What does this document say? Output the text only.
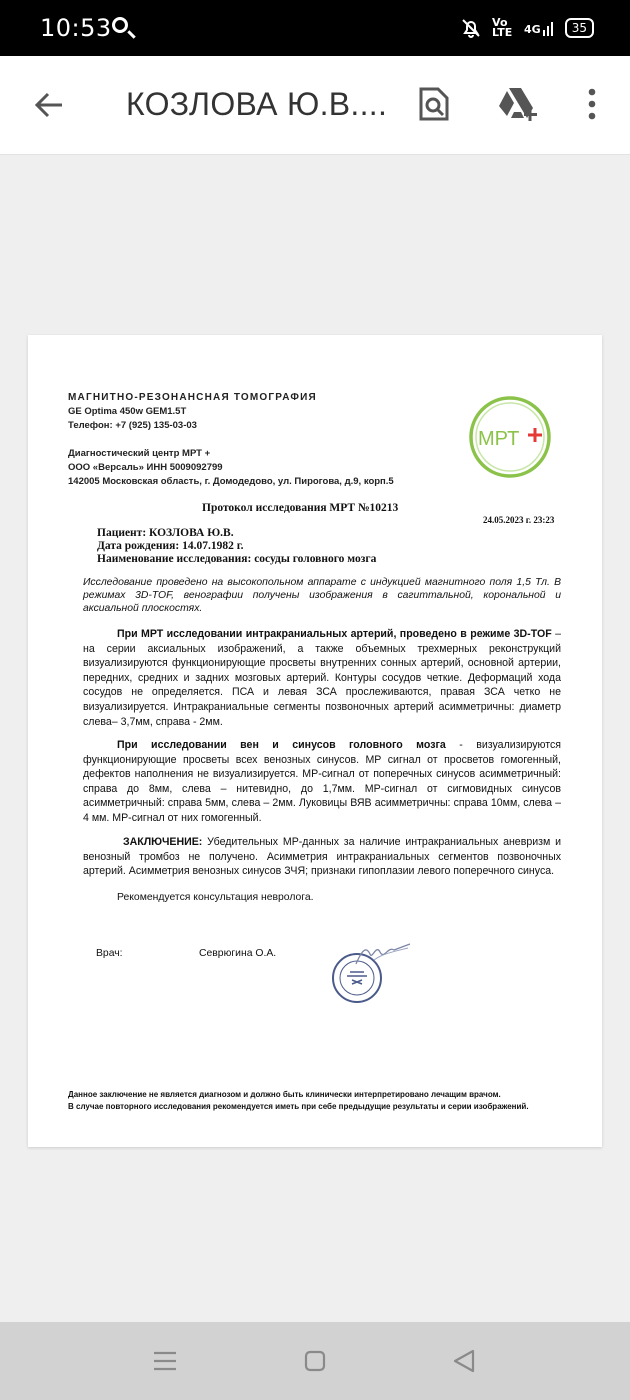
10:53	Vo LTE 4G	35
КОЗЛОВА Ю.В....
МАГНИТНО-РЕЗОНАНСНАЯ ТОМОГРАФИЯ
GE Optima 450w GEM1.5T
Телефон: +7 (925) 135-03-03
Диагностический центр МРТ +
ООО «Версаль» ИНН 5009092799
142005 Московская область, г. Домодедово, ул. Пирогова, д.9, корп.5
МРТ
Протокол исследования МРТ №10213
24.05.2023 г. 23:23
Пациент: КОЗЛОВА Ю.В.
Дата рождения: 14.07.1982 г.
Наименование исследования: сосуды головного мозга
Исследование проведено на высокопольном аппарате с индукцией магнитного поля 1,5 Тл. В режимах 3D-TOF, венографии получены изображения в сагиттальной, корональной и аксиальной плоскостях.
При МРТ исследовании интракраниальных артерий, проведено в режиме 3D-TOF – на серии аксиальных изображений, а также объемных трехмерных реконструкций визуализируются функционирующие просветы внутренних сонных артерий, основной артерии, передних, средних и задних мозговых артерий. Контуры сосудов четкие. Деформаций хода сосудов не определяется. ПСА и левая ЗСА прослеживаются, правая ЗСА четко не визуализируется. Интракраниальные сегменты позвоночных артерий асимметричны: диаметр слева– 3,7мм, справа - 2мм.
При исследовании вен и синусов головного мозга - визуализируются функционирующие просветы всех венозных синусов. МР сигнал от просветов гомогенный, дефектов наполнения не визуализируется. МР-сигнал от поперечных синусов асимметричный: справа до 8мм, слева – нитевидно, до 1,7мм. МР-сигнал от сигмовидных синусов асимметричный: справа 5мм, слева – 2мм. Луковицы ВЯВ асимметричны: справа 10мм, слева – 4 мм. МР-сигнал от них гомогенный.
ЗАКЛЮЧЕНИЕ: Убедительных МР-данных за наличие интракраниальных аневризм и венозный тромбоз не получено. Асимметрия интракраниальных сегментов позвоночных артерий. Асимметрия венозных синусов ЗЧЯ; признаки гипоплазии левого поперечного синуса.
Рекомендуется консультация невролога.
Врач:	Севрюгина О.А.
Данное заключение не является диагнозом и должно быть клинически интерпретировано лечащим врачом.
В случае повторного исследования рекомендуется иметь при себе предыдущие результаты и серии изображений.
